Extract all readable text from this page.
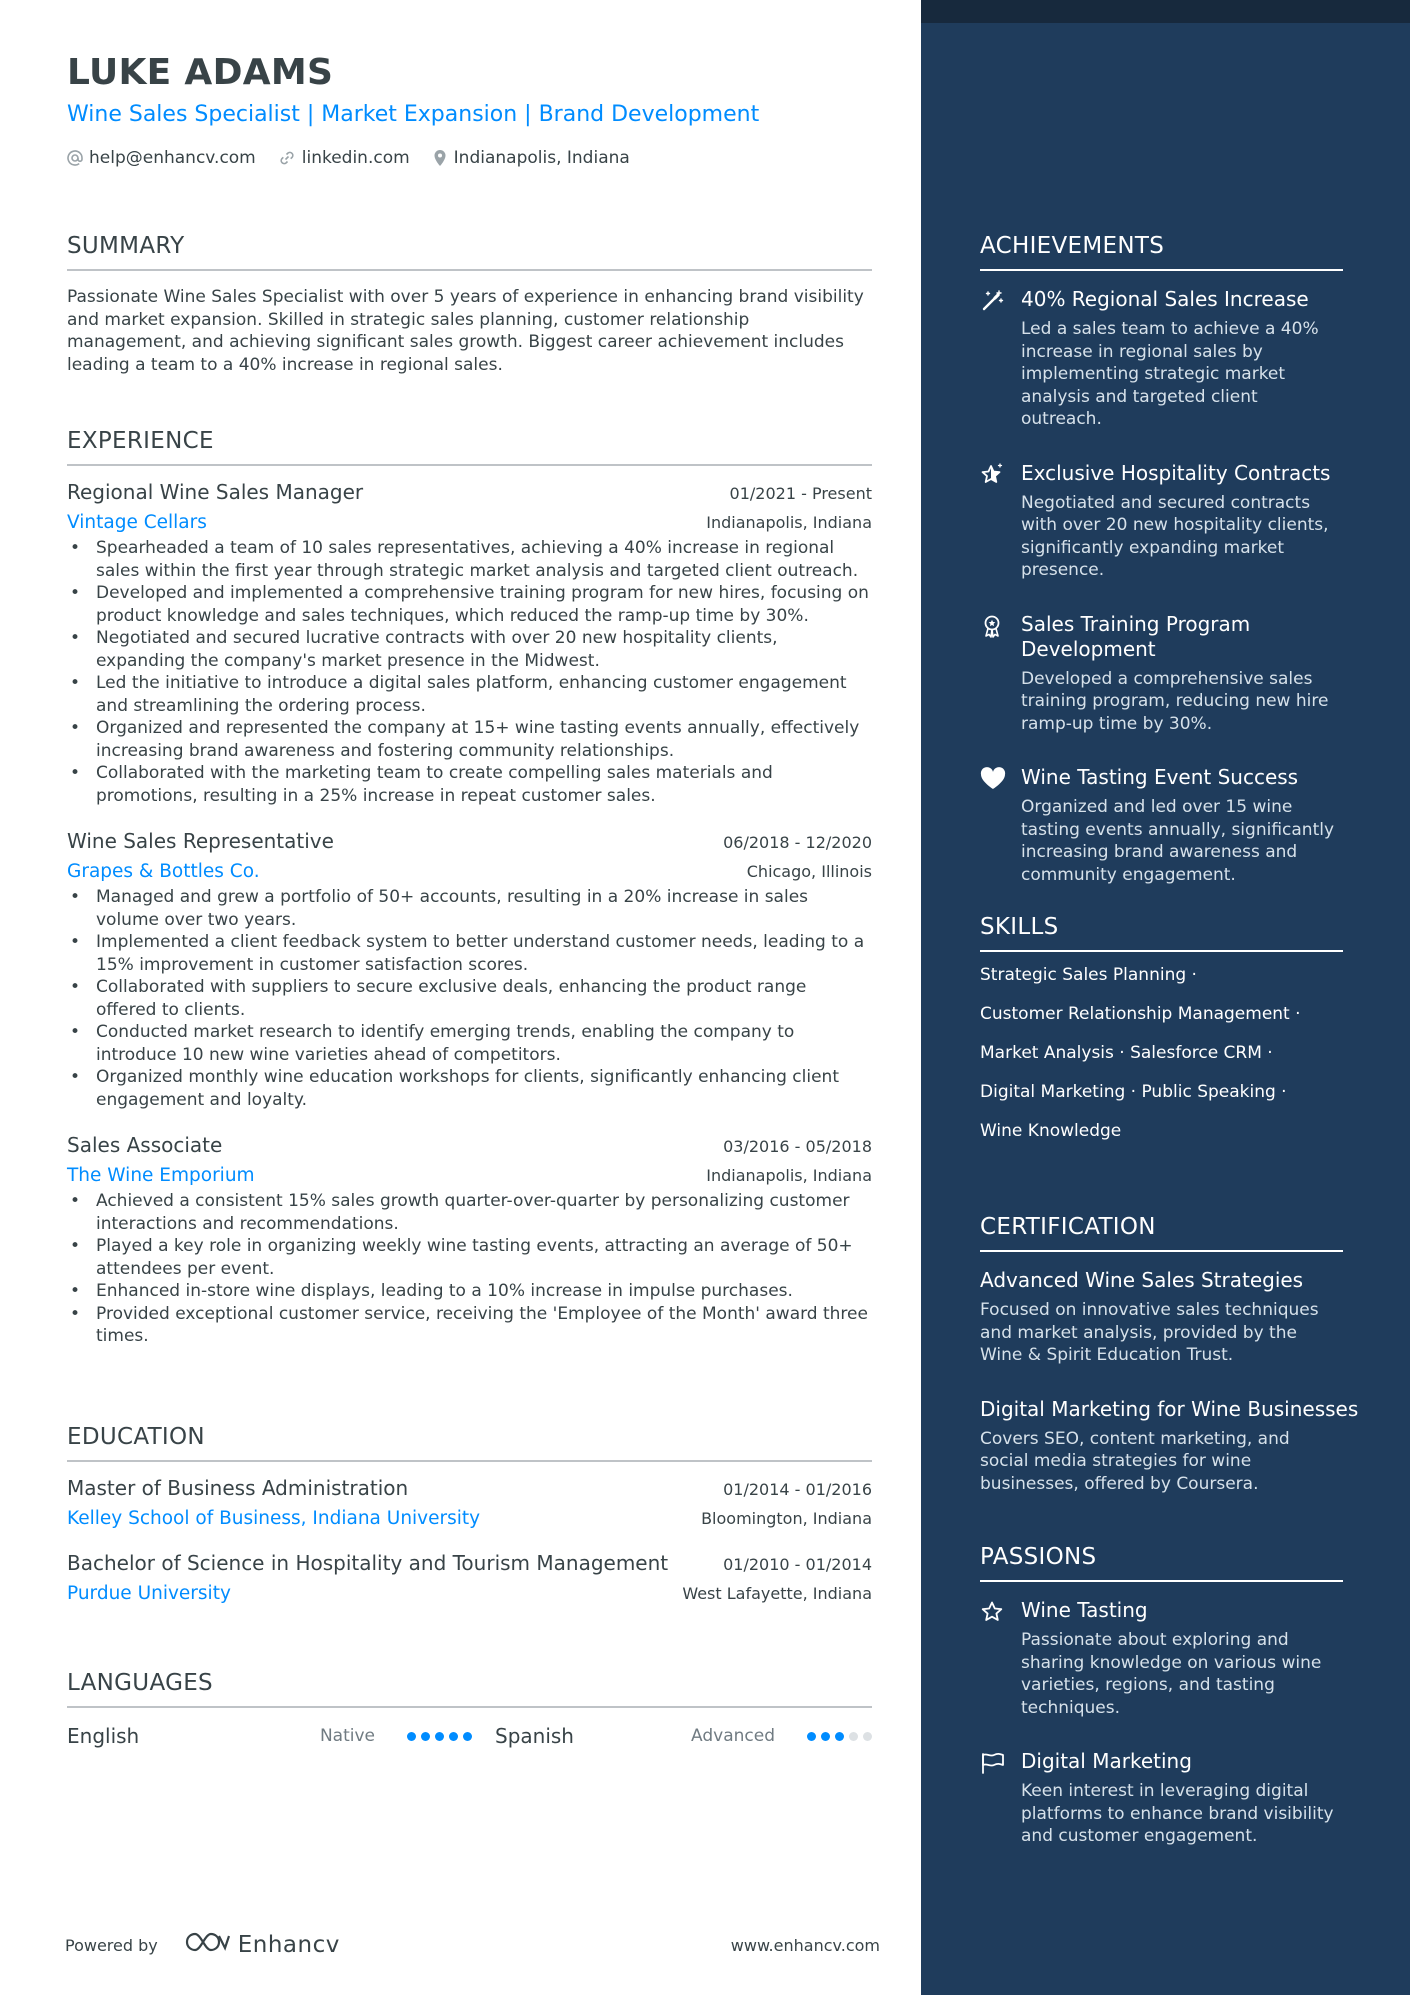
LUKE ADAMS
Wine Sales Specialist | Market Expansion | Brand Development
help@enhancv.com	linkedin.com	Indianapolis, Indiana
SUMMARY
Passionate Wine Sales Specialist with over 5 years of experience in enhancing brand visibility and market expansion. Skilled in strategic sales planning, customer relationship management, and achieving significant sales growth. Biggest career achievement includes leading a team to a 40% increase in regional sales.
EXPERIENCE
Regional Wine Sales Manager	01/2021 - Present
Vintage Cellars	Indianapolis, Indiana
• Spearheaded a team of 10 sales representatives, achieving a 40% increase in regional sales within the first year through strategic market analysis and targeted client outreach.
• Developed and implemented a comprehensive training program for new hires, focusing on product knowledge and sales techniques, which reduced the ramp-up time by 30%.
• Negotiated and secured lucrative contracts with over 20 new hospitality clients, expanding the company's market presence in the Midwest.
• Led the initiative to introduce a digital sales platform, enhancing customer engagement and streamlining the ordering process.
• Organized and represented the company at 15+ wine tasting events annually, effectively increasing brand awareness and fostering community relationships.
• Collaborated with the marketing team to create compelling sales materials and promotions, resulting in a 25% increase in repeat customer sales.
Wine Sales Representative	06/2018 - 12/2020
Grapes & Bottles Co.	Chicago, Illinois
• Managed and grew a portfolio of 50+ accounts, resulting in a 20% increase in sales volume over two years.
• Implemented a client feedback system to better understand customer needs, leading to a 15% improvement in customer satisfaction scores.
• Collaborated with suppliers to secure exclusive deals, enhancing the product range offered to clients.
• Conducted market research to identify emerging trends, enabling the company to introduce 10 new wine varieties ahead of competitors.
• Organized monthly wine education workshops for clients, significantly enhancing client engagement and loyalty.
Sales Associate	03/2016 - 05/2018
The Wine Emporium	Indianapolis, Indiana
• Achieved a consistent 15% sales growth quarter-over-quarter by personalizing customer interactions and recommendations.
• Played a key role in organizing weekly wine tasting events, attracting an average of 50+ attendees per event.
• Enhanced in-store wine displays, leading to a 10% increase in impulse purchases.
• Provided exceptional customer service, receiving the 'Employee of the Month' award three times.
EDUCATION
Master of Business Administration	01/2014 - 01/2016
Kelley School of Business, Indiana University	Bloomington, Indiana
Bachelor of Science in Hospitality and Tourism Management	01/2010 - 01/2014
Purdue University	West Lafayette, Indiana
LANGUAGES
English	Native	Spanish	Advanced
Powered by	Enhancv	www.enhancv.com
ACHIEVEMENTS
40% Regional Sales Increase
Led a sales team to achieve a 40% increase in regional sales by implementing strategic market analysis and targeted client outreach.
Exclusive Hospitality Contracts
Negotiated and secured contracts with over 20 new hospitality clients, significantly expanding market presence.
Sales Training Program Development
Developed a comprehensive sales training program, reducing new hire ramp-up time by 30%.
Wine Tasting Event Success
Organized and led over 15 wine tasting events annually, significantly increasing brand awareness and community engagement.
SKILLS
Strategic Sales Planning ·
Customer Relationship Management ·
Market Analysis · Salesforce CRM ·
Digital Marketing · Public Speaking ·
Wine Knowledge
CERTIFICATION
Advanced Wine Sales Strategies
Focused on innovative sales techniques and market analysis, provided by the Wine & Spirit Education Trust.
Digital Marketing for Wine Businesses
Covers SEO, content marketing, and social media strategies for wine businesses, offered by Coursera.
PASSIONS
Wine Tasting
Passionate about exploring and sharing knowledge on various wine varieties, regions, and tasting techniques.
Digital Marketing
Keen interest in leveraging digital platforms to enhance brand visibility and customer engagement.
